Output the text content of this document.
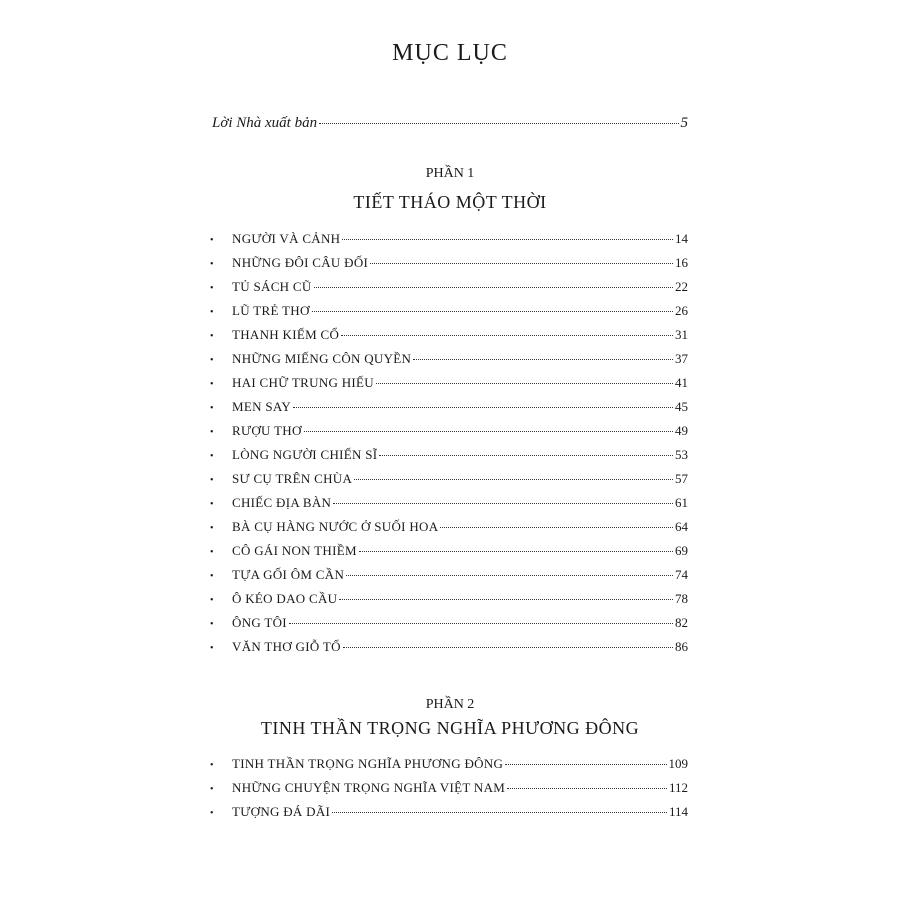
MỤC LỤC
Lời Nhà xuất bản	5
PHẦN 1
TIẾT THÁO MỘT THỜI
•	NGƯỜI VÀ CẢNH	14
•	NHỮNG ĐÔI CÂU ĐỐI	16
•	TỦ SÁCH CŨ	22
•	LŨ TRẺ THƠ	26
•	THANH KIẾM CỔ	31
•	NHỮNG MIẾNG CÔN QUYỀN	37
•	HAI CHỮ TRUNG HIẾU	41
•	MEN SAY	45
•	RƯỢU THƠ	49
•	LÒNG NGƯỜI CHIẾN SĨ	53
•	SƯ CỤ TRÊN CHÙA	57
•	CHIẾC ĐỊA BÀN	61
•	BÀ CỤ HÀNG NƯỚC Ở SUỐI HOA	64
•	CÔ GÁI NON THIỀM	69
•	TỰA GỐI ÔM CẦN	74
•	Ô KÉO DAO CẦU	78
•	ÔNG TÔI	82
•	VĂN THƠ GIỖ TỔ	86
PHẦN 2
TINH THẦN TRỌNG NGHĨA PHƯƠNG ĐÔNG
•	TINH THẦN TRỌNG NGHĨA PHƯƠNG ĐÔNG	109
•	NHỮNG CHUYỆN TRỌNG NGHĨA VIỆT NAM	112
•	TƯỢNG ĐÁ DÃI	114
